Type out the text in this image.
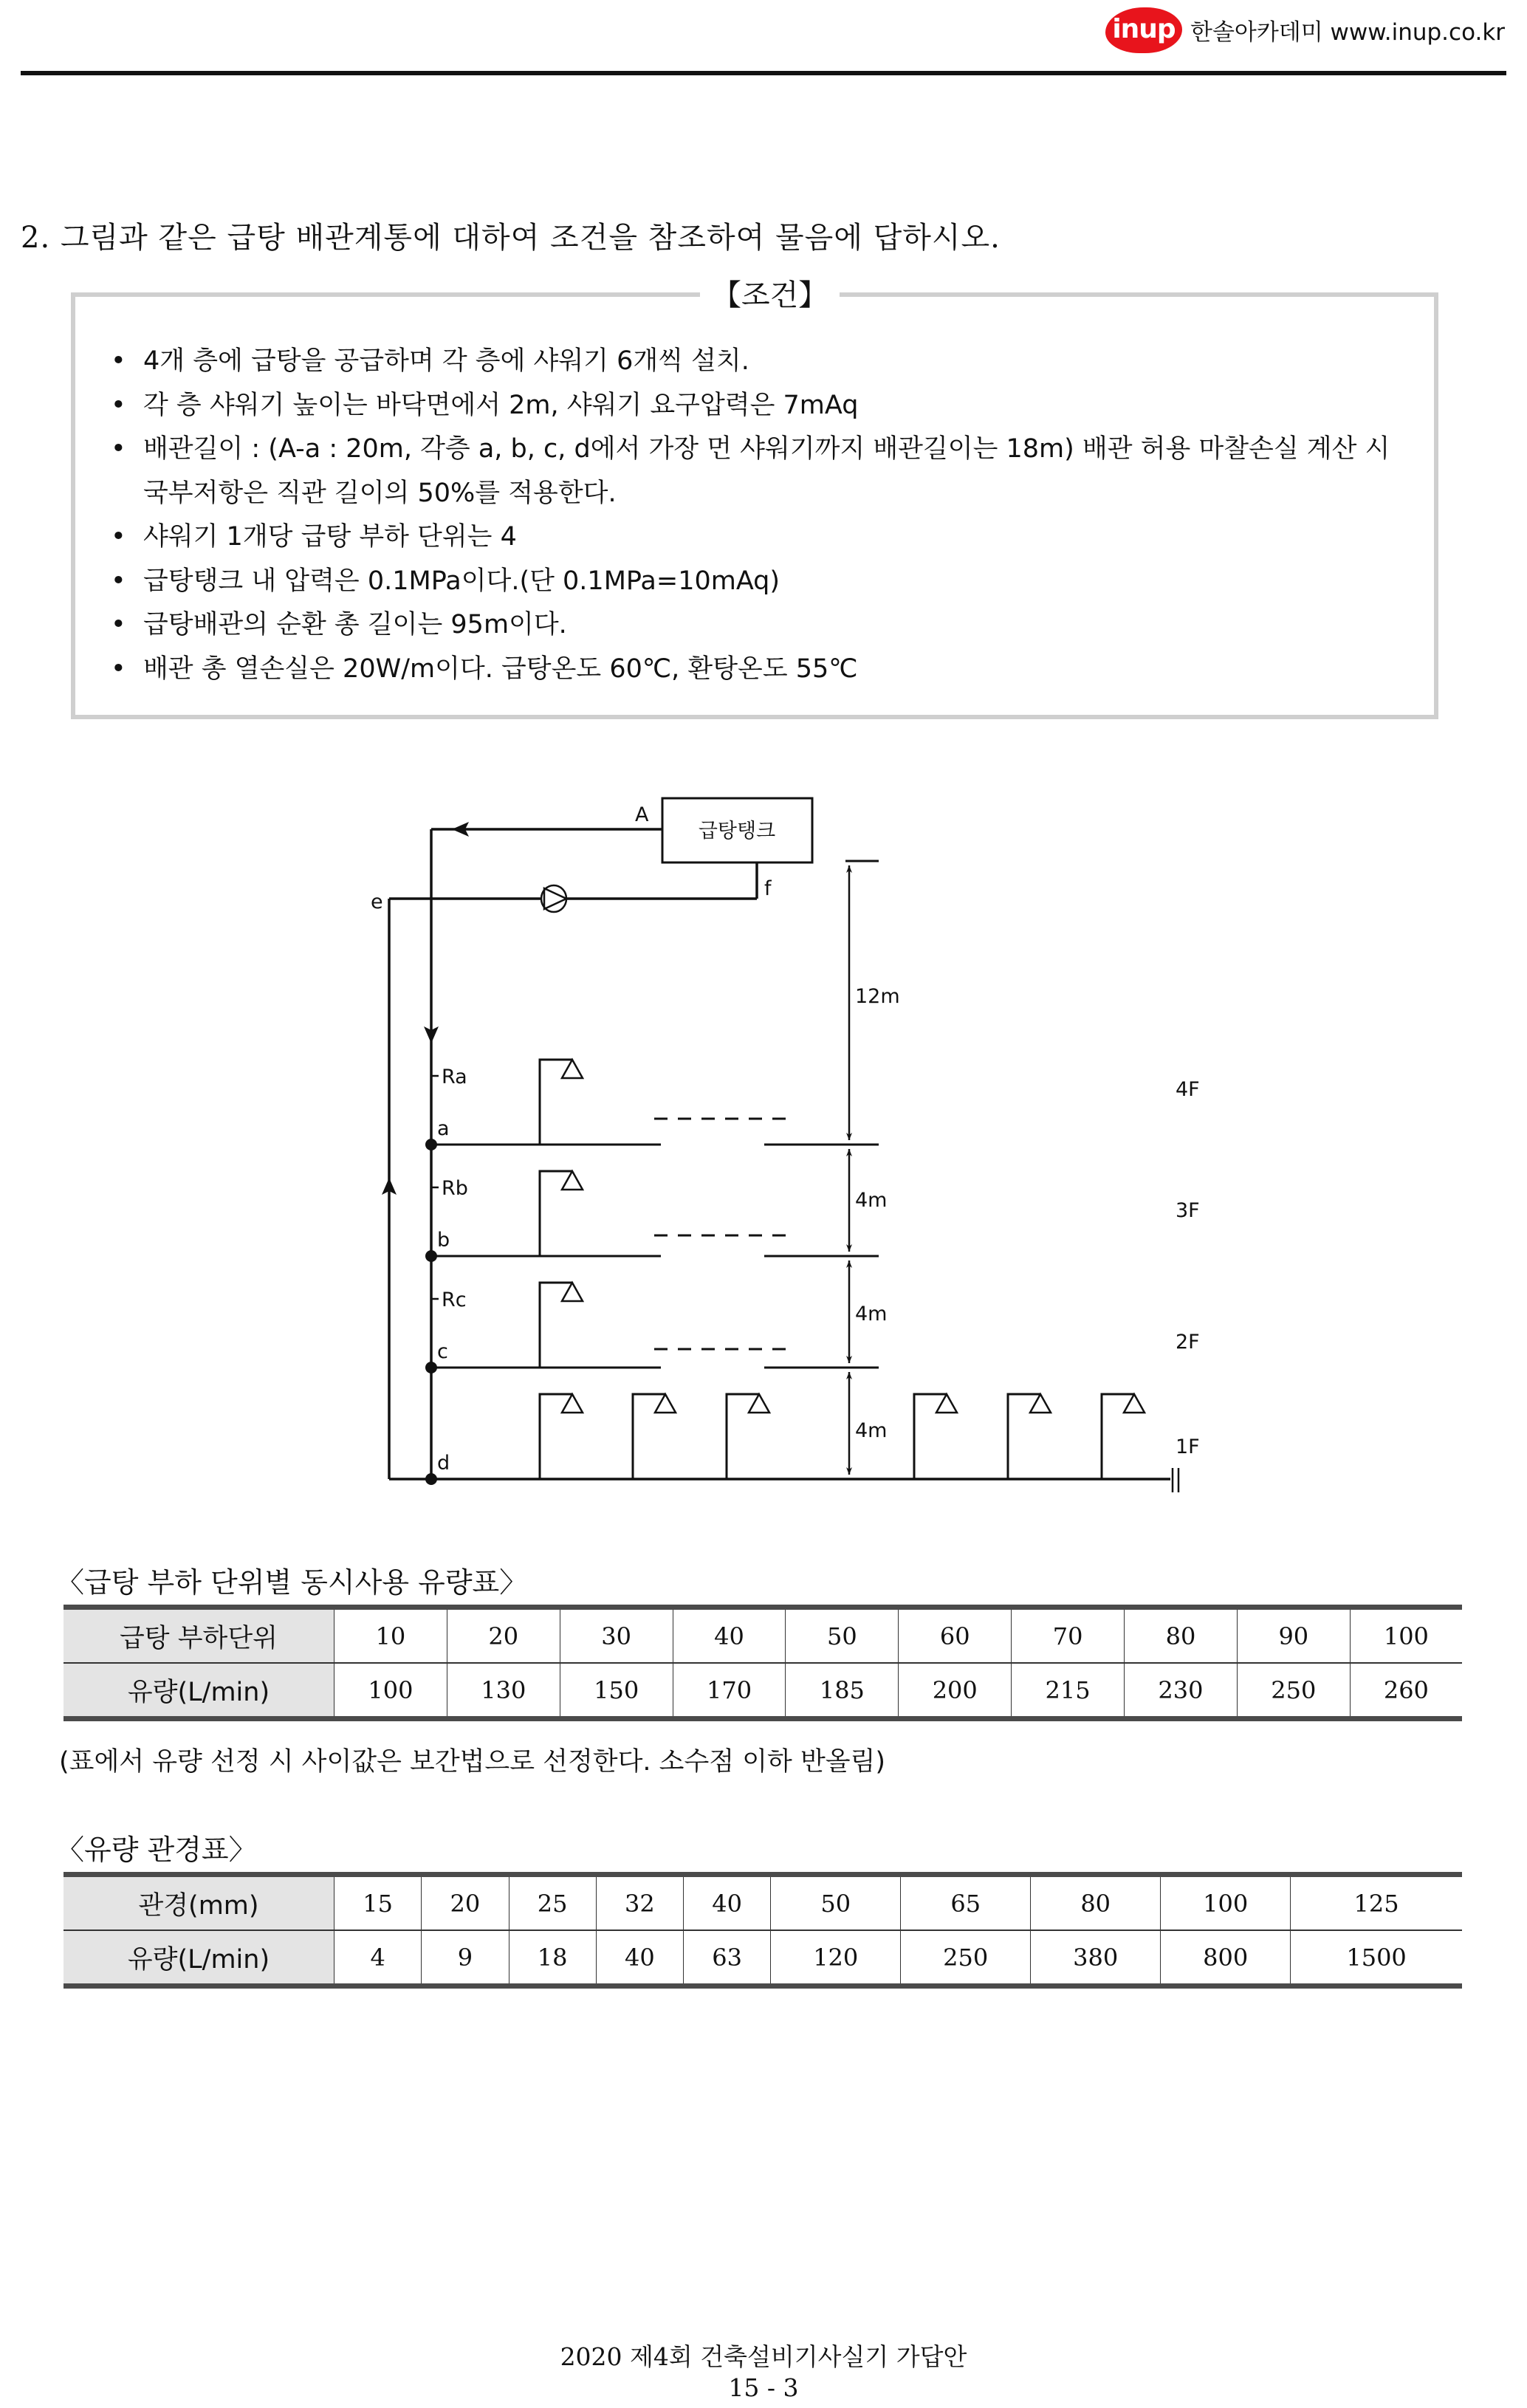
inup 한솔아카데미 www.inup.co.kr
2. 그림과 같은 급탕 배관계통에 대하여 조건을 참조하여 물음에 답하시오.
【조건】
• 4개 층에 급탕을 공급하며 각 층에 샤워기 6개씩 설치.
• 각 층 샤워기 높이는 바닥면에서 2m, 샤워기 요구압력은 7mAq
• 배관길이 : (A-a : 20m, 각층 a, b, c, d에서 가장 먼 샤워기까지 배관길이는 18m) 배관 허용 마찰손실 계산 시 국부저항은 직관 길이의 50%를 적용한다.
• 샤워기 1개당 급탕 부하 단위는 4
• 급탕탱크 내 압력은 0.1MPa이다.(단 0.1MPa=10mAq)
• 급탕배관의 순환 총 길이는 95m이다.
• 배관 총 열손실은 20W/m이다. 급탕온도 60℃, 환탕온도 55℃
급탕탱크
A
e
f
Ra
Rb
Rc
a
b
c
d
12m
4m
4m
4m
4F
3F
2F
1F
〈급탕 부하 단위별 동시사용 유량표〉
급탕 부하단위	10	20	30	40	50	60	70	80	90	100
유량(L/min)	100	130	150	170	185	200	215	230	250	260
(표에서 유량 선정 시 사이값은 보간법으로 선정한다. 소수점 이하 반올림)
〈유량 관경표〉
관경(mm)	15	20	25	32	40	50	65	80	100	125
유량(L/min)	4	9	18	40	63	120	250	380	800	1500
2020 제4회 건축설비기사실기 가답안
15 - 3
